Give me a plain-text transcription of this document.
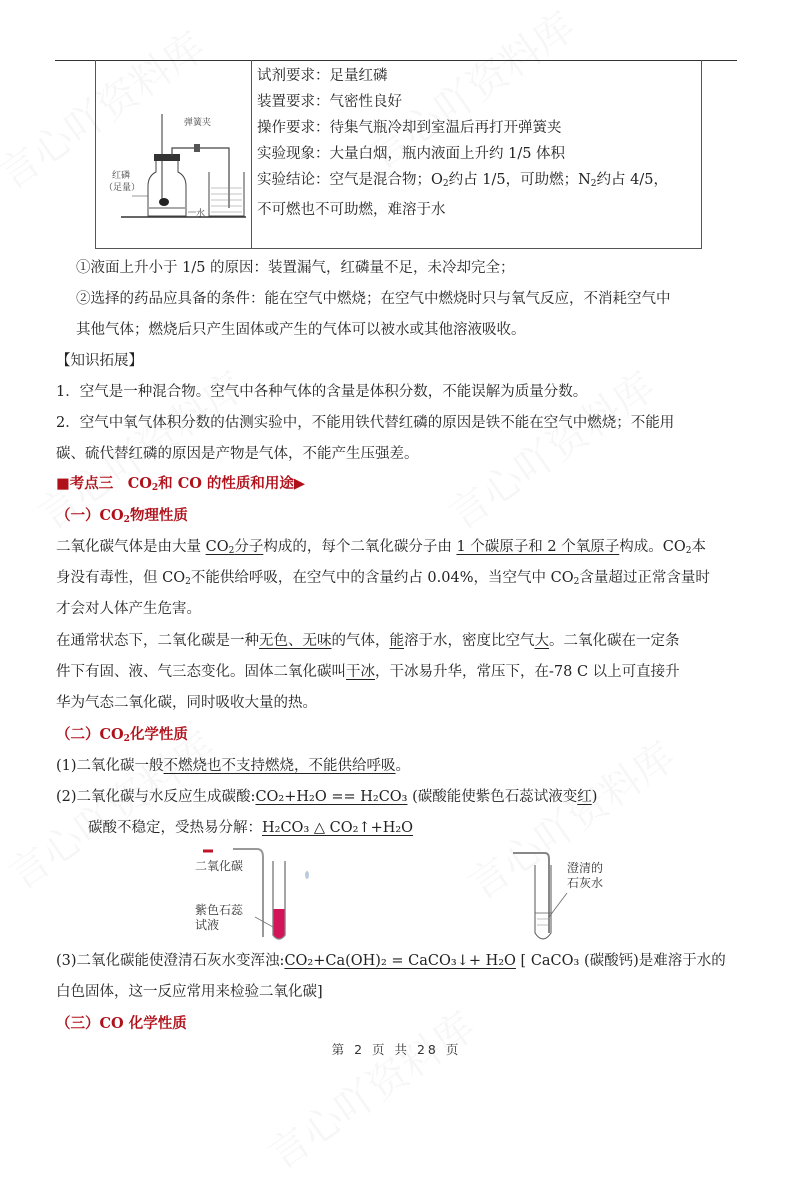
弹簧夹
红磷
（足量）
水
试剂要求：足量红磷
装置要求：气密性良好
操作要求：待集气瓶冷却到室温后再打开弹簧夹
实验现象：大量白烟，瓶内液面上升约 1/5 体积
实验结论：空气是混合物；$O_2$约占 1/5，可助燃；$N_2$约占 4/5，
不可燃也不可助燃，难溶于水
①液面上升小于 1/5 的原因：装置漏气，红磷量不足，未冷却完全；
②选择的药品应具备的条件：能在空气中燃烧；在空气中燃烧时只与氧气反应，不消耗空气中
其他气体；燃烧后只产生固体或产生的气体可以被水或其他溶液吸收。
【知识拓展】
1．空气是一种混合物。空气中各种气体的含量是体积分数，不能误解为质量分数。
2．空气中氧气体积分数的估测实验中，不能用铁代替红磷的原因是铁不能在空气中燃烧；不能用
碳、硫代替红磷的原因是产物是气体，不能产生压强差。
■考点三　$CO_2$和 CO 的性质和用途▶
（一）$CO_2$物理性质
二氧化碳气体是由大量 $CO_2$分子构成的，每个二氧化碳分子由 1 个碳原子和 2 个氧原子构成。$CO_2$本
身没有毒性，但 $CO_2$不能供给呼吸，在空气中的含量约占 0.04%，当空气中 $CO_2$含量超过正常含量时
才会对人体产生危害。
在通常状态下，二氧化碳是一种无色、无味的气体，能溶于水，密度比空气大。二氧化碳在一定条
件下有固、液、气三态变化。固体二氧化碳叫干冰，干冰易升华，常压下，在-78 C 以上可直接升
华为气态二氧化碳，同时吸收大量的热。
（二）$CO_2$化学性质
(1)二氧化碳一般不燃烧也不支持燃烧，不能供给呼吸。
(2)二氧化碳与水反应生成碳酸:CO₂+H₂O == H₂CO₃ (碳酸能使紫色石蕊试液变红)
碳酸不稳定，受热易分解：H₂CO₃ △ CO₂↑+H₂O
二氧化碳
紫色石蕊
试液
澄清的
石灰水
(3)二氧化碳能使澄清石灰水变浑浊:CO₂+Ca(OH)₂ = CaCO₃↓+ H₂O [ CaCO₃ (碳酸钙)是难溶于水的
白色固体，这一反应常用来检验二氧化碳]
（三）CO 化学性质
第 2 页 共 28 页
